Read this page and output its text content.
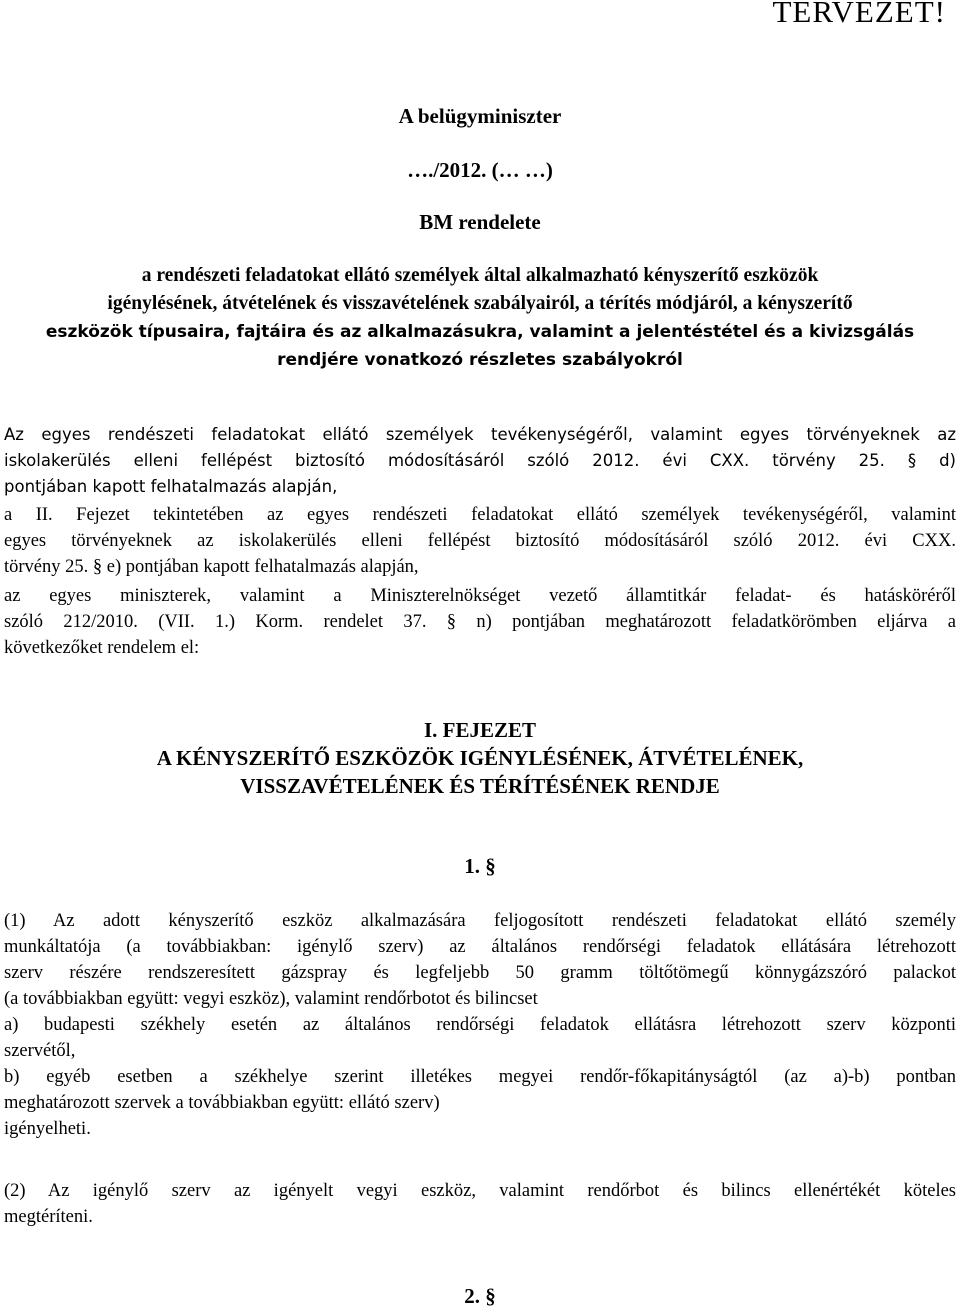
TERVEZET!
A belügyminiszter
…./2012. (… …)
BM rendelete
a rendészeti feladatokat ellátó személyek által alkalmazható kényszerítő eszközök
igénylésének, átvételének és visszavételének szabályairól, a térítés módjáról, a kényszerítő
eszközök típusaira, fajtáira és az alkalmazásukra, valamint a jelentéstétel és a kivizsgálás
rendjére vonatkozó részletes szabályokról
Az egyes rendészeti feladatokat ellátó személyek tevékenységéről, valamint egyes törvényeknek az
iskolakerülés elleni fellépést biztosító módosításáról szóló 2012. évi CXX. törvény 25. § d)
pontjában kapott felhatalmazás alapján,
a II. Fejezet tekintetében az egyes rendészeti feladatokat ellátó személyek tevékenységéről, valamint
egyes törvényeknek az iskolakerülés elleni fellépést biztosító módosításáról szóló 2012. évi CXX.
törvény 25. § e) pontjában kapott felhatalmazás alapján,
az egyes miniszterek, valamint a Miniszterelnökséget vezető államtitkár feladat- és hatásköréről
szóló 212/2010. (VII. 1.) Korm. rendelet 37. § n) pontjában meghatározott feladatkörömben eljárva a
következőket rendelem el:
I. FEJEZET
A KÉNYSZERÍTŐ ESZKÖZÖK IGÉNYLÉSÉNEK, ÁTVÉTELÉNEK,
VISSZAVÉTELÉNEK ÉS TÉRÍTÉSÉNEK RENDJE
1. §
(1) Az adott kényszerítő eszköz alkalmazására feljogosított rendészeti feladatokat ellátó személy
munkáltatója (a továbbiakban: igénylő szerv) az általános rendőrségi feladatok ellátására létrehozott
szerv részére rendszeresített gázspray és legfeljebb 50 gramm töltőtömegű könnygázszóró palackot
(a továbbiakban együtt: vegyi eszköz), valamint rendőrbotot és bilincset
a) budapesti székhely esetén az általános rendőrségi feladatok ellátásra létrehozott szerv központi
szervétől,
b) egyéb esetben a székhelye szerint illetékes megyei rendőr-főkapitányságtól (az a)-b) pontban
meghatározott szervek a továbbiakban együtt: ellátó szerv)
igényelheti.
(2) Az igénylő szerv az igényelt vegyi eszköz, valamint rendőrbot és bilincs ellenértékét köteles
megtéríteni.
2. §
